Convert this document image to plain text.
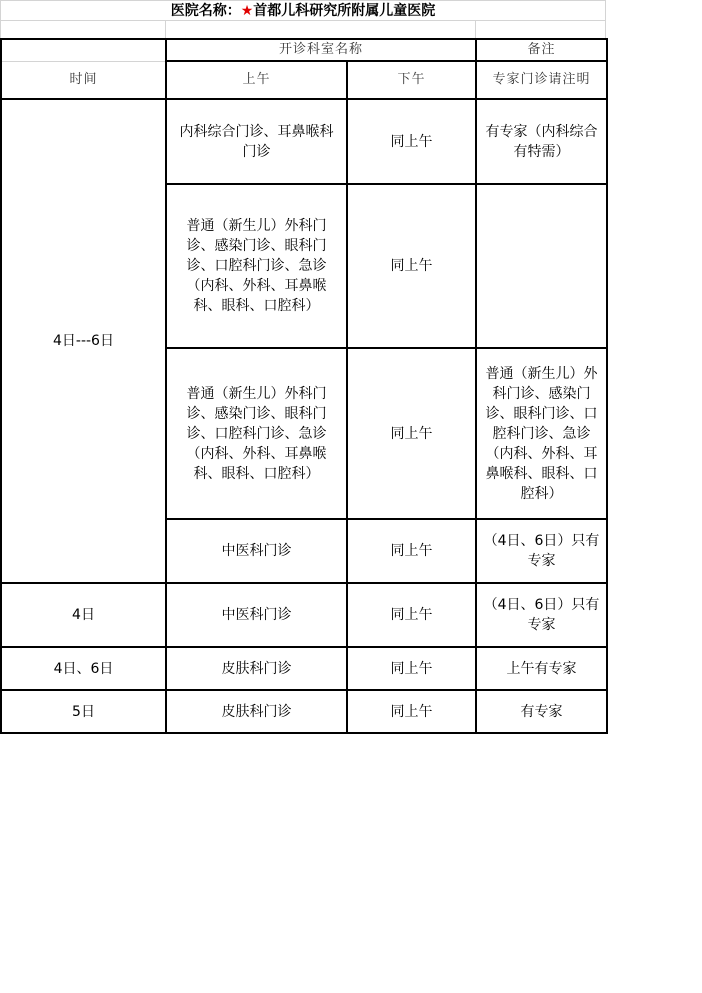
医院名称：★首都儿科研究所附属儿童医院
	开诊科室名称		备注
时间	上午	下午	专家门诊请注明
4日---6日	内科综合门诊、耳鼻喉科门诊	同上午	有专家（内科综合有特需）
	普通（新生儿）外科门诊、感染门诊、眼科门诊、口腔科门诊、急诊（内科、外科、耳鼻喉科、眼科、口腔科）	同上午	
	普通（新生儿）外科门诊、感染门诊、眼科门诊、口腔科门诊、急诊（内科、外科、耳鼻喉科、眼科、口腔科）	同上午	普通（新生儿）外科门诊、感染门诊、眼科门诊、口腔科门诊、急诊（内科、外科、耳鼻喉科、眼科、口腔科）
	中医科门诊	同上午	（4日、6日）只有专家
4日	中医科门诊	同上午	（4日、6日）只有专家
4日、6日	皮肤科门诊	同上午	上午有专家
5日	皮肤科门诊	同上午	有专家
